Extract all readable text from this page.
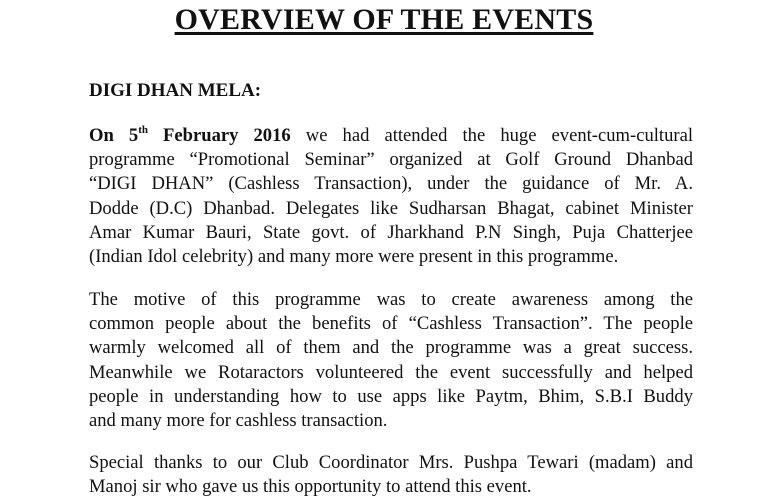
OVERVIEW OF THE EVENTS
DIGI DHAN MELA:
On 5th February 2016 we had attended the huge event-cum-cultural
programme “Promotional Seminar” organized at Golf Ground Dhanbad
“DIGI DHAN” (Cashless Transaction), under the guidance of Mr. A.
Dodde (D.C) Dhanbad. Delegates like Sudharsan Bhagat, cabinet Minister
Amar Kumar Bauri, State govt. of Jharkhand P.N Singh, Puja Chatterjee
(Indian Idol celebrity) and many more were present in this programme.
The motive of this programme was to create awareness among the
common people about the benefits of “Cashless Transaction”. The people
warmly welcomed all of them and the programme was a great success.
Meanwhile we Rotaractors volunteered the event successfully and helped
people in understanding how to use apps like Paytm, Bhim, S.B.I Buddy
and many more for cashless transaction.
Special thanks to our Club Coordinator Mrs. Pushpa Tewari (madam) and
Manoj sir who gave us this opportunity to attend this event.
